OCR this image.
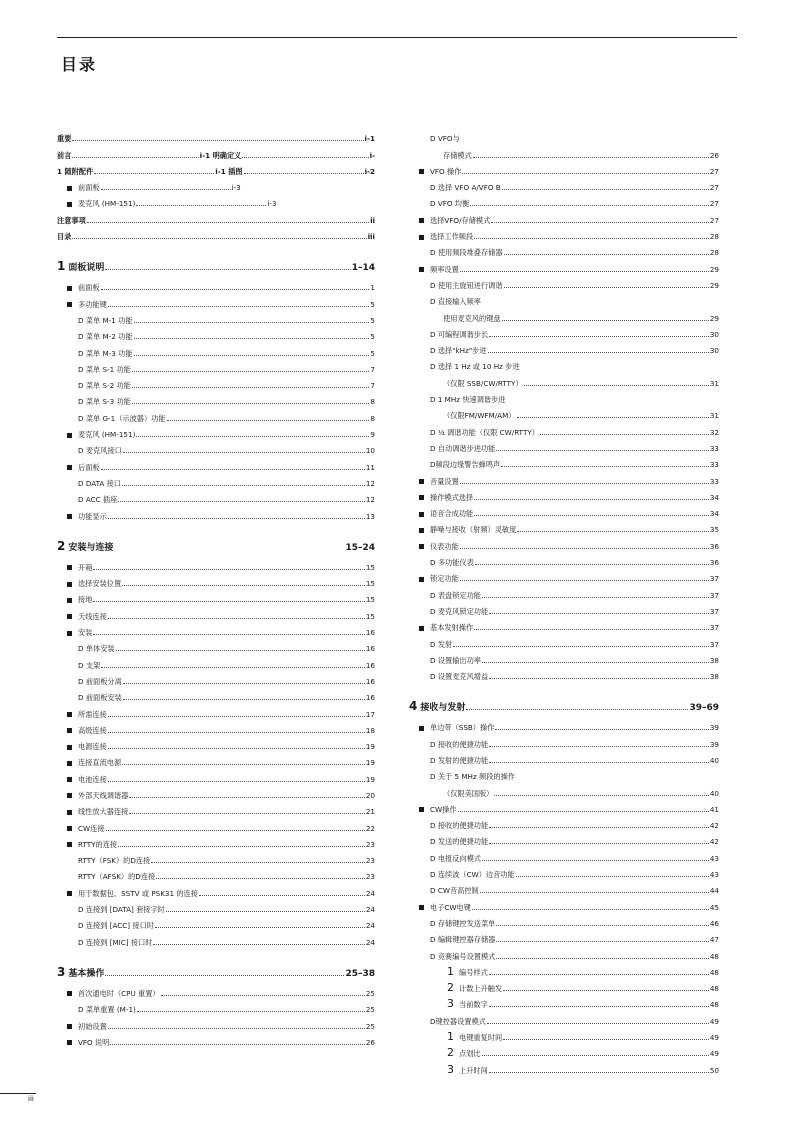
目录
重要	i-1
前言	i-1 明确定义	i-
1 随附配件	i-1 插图	i-2
前面板	i-3
麦克风 (HM-151)	i-3
注意事项	ii
目录	iii
1 面板说明	1–14
前面板	1
多功能键	5
D 菜单 M-1 功能	5
D 菜单 M-2 功能	5
D 菜单 M-3 功能	5
D 菜单 S-1 功能	7
D 菜单 S-2 功能	7
D 菜单 S-3 功能	8
D 菜单 G-1（示波器）功能	8
麦克风 (HM-151)	9
D 麦克风接口	10
后面板	11
D DATA 接口	12
D ACC 插座	12
功能显示	13
2 安装与连接	15–24
开箱	15
选择安装位置	15
接地	15
天线连接	15
安装	16
D 单体安装	16
D 支架	16
D 前面板分离	16
D 前面板安装	16
所需连接	17
高级连接	18
电源连接	19
连接直流电源	19
电池连接	19
外部天线调谐器	20
线性放大器连接	21
CW连接	22
RTTY的连接	23
RTTY（FSK）的D连接	23
RTTY（AFSK）的D连接	23
用于数据包、SSTV 或 PSK31 的连接	24
D 连接到 [DATA] 套接字时	24
D 连接到 [ACC] 接口时	24
D 连接到 [MIC] 接口时	24
3 基本操作	25–38
首次通电时（CPU 重置）	25
D 菜单重置 (M-1)	25
初始设置	25
VFO 说明	26
D VFO与
存储模式	26
VFO 操作	27
D 选择 VFO A/VFO B	27
D VFO 均衡	27
选择VFO/存储模式	27
选择工作频段	28
D 使用频段堆叠存储器	28
频率设置	29
D 使用主旋钮进行调谐	29
D 直接输入频率
使用麦克风的键盘	29
D 可编程调谐步长	30
D 选择"kHz"步进	30
D 选择 1 Hz 或 10 Hz 步进
（仅限 SSB/CW/RTTY）	31
D 1 MHz 快速调谐步进
（仅限FM/WFM/AM）	31
D ¹⁄₄ 调谐功能（仅限 CW/RTTY）	32
D 自动调谐步进功能	33
D频段边缘警告蜂鸣声	33
音量设置	33
操作模式选择	34
语音合成功能	34
静噪与接收（射频）灵敏度	35
仪表功能	36
D 多功能仪表	36
锁定功能	37
D 表盘锁定功能	37
D 麦克风锁定功能	37
基本发射操作	37
D 发射	37
D 设置输出功率	38
D 设置麦克风增益	38
4 接收与发射	39–69
单边带（SSB）操作	39
D 接收的便捷功能	39
D 发射的便捷功能	40
D 关于 5 MHz 频段的操作
（仅限美国版）	40
CW操作	41
D 接收的便捷功能	42
D 发送的便捷功能	42
D 电报反向模式	43
D 连续波（CW）边音功能	43
D CW音高控制	44
电子CW电键	45
D 存储键控发送菜单	46
D 编辑键控器存储器	47
D 竞赛编号设置模式	48
1 编号样式	48
2 计数上升触发	48
3 当前数字	48
D键控器设置模式	49
1 电键重复时间	49
2 点划比	49
3 上升时间	50
iii
